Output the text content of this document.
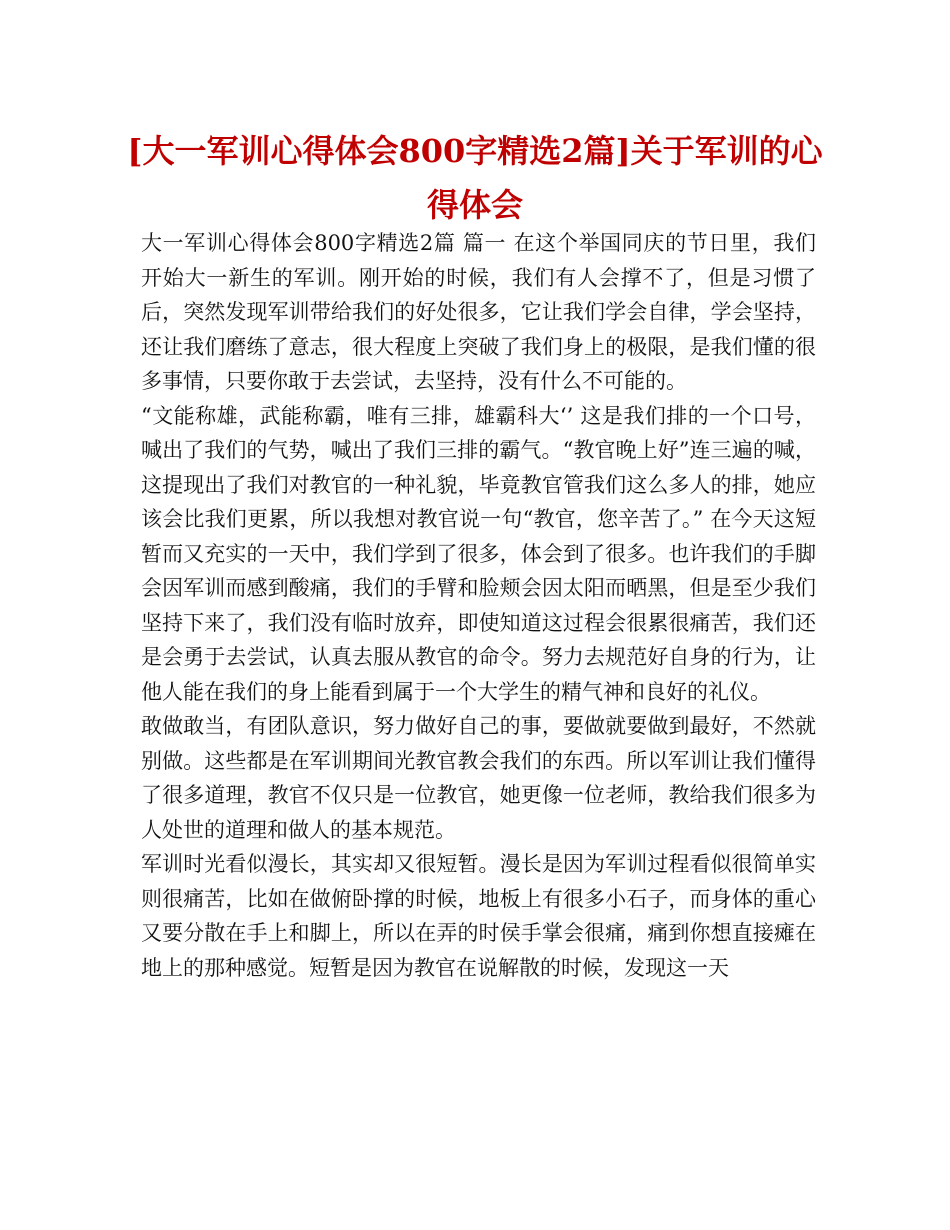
[大一军训心得体会800字精选2篇]关于军训的心得体会

大一军训心得体会800字精选2篇 篇一 在这个举国同庆的节日里，我们开始大一新生的军训。刚开始的时候，我们有人会撑不了，但是习惯了后，突然发现军训带给我们的好处很多，它让我们学会自律，学会坚持，还让我们磨练了意志，很大程度上突破了我们身上的极限，是我们懂的很多事情，只要你敢于去尝试，去坚持，没有什么不可能的。

“文能称雄，武能称霸，唯有三排，雄霸科大‘’ 这是我们排的一个口号，喊出了我们的气势，喊出了我们三排的霸气。“教官晚上好”连三遍的喊，这提现出了我们对教官的一种礼貌，毕竟教官管我们这么多人的排，她应该会比我们更累，所以我想对教官说一句“教官，您辛苦了。” 在今天这短暂而又充实的一天中，我们学到了很多，体会到了很多。也许我们的手脚会因军训而感到酸痛，我们的手臂和脸颊会因太阳而晒黑，但是至少我们坚持下来了，我们没有临时放弃，即使知道这过程会很累很痛苦，我们还是会勇于去尝试，认真去服从教官的命令。努力去规范好自身的行为，让他人能在我们的身上能看到属于一个大学生的精气神和良好的礼仪。

敢做敢当，有团队意识，努力做好自己的事，要做就要做到最好，不然就别做。这些都是在军训期间光教官教会我们的东西。所以军训让我们懂得了很多道理，教官不仅只是一位教官，她更像一位老师，教给我们很多为人处世的道理和做人的基本规范。

军训时光看似漫长，其实却又很短暂。漫长是因为军训过程看似很简单实则很痛苦，比如在做俯卧撑的时候，地板上有很多小石子，而身体的重心又要分散在手上和脚上，所以在弄的时侯手掌会很痛，痛到你想直接瘫在地上的那种感觉。短暂是因为教官在说解散的时候，发现这一天
